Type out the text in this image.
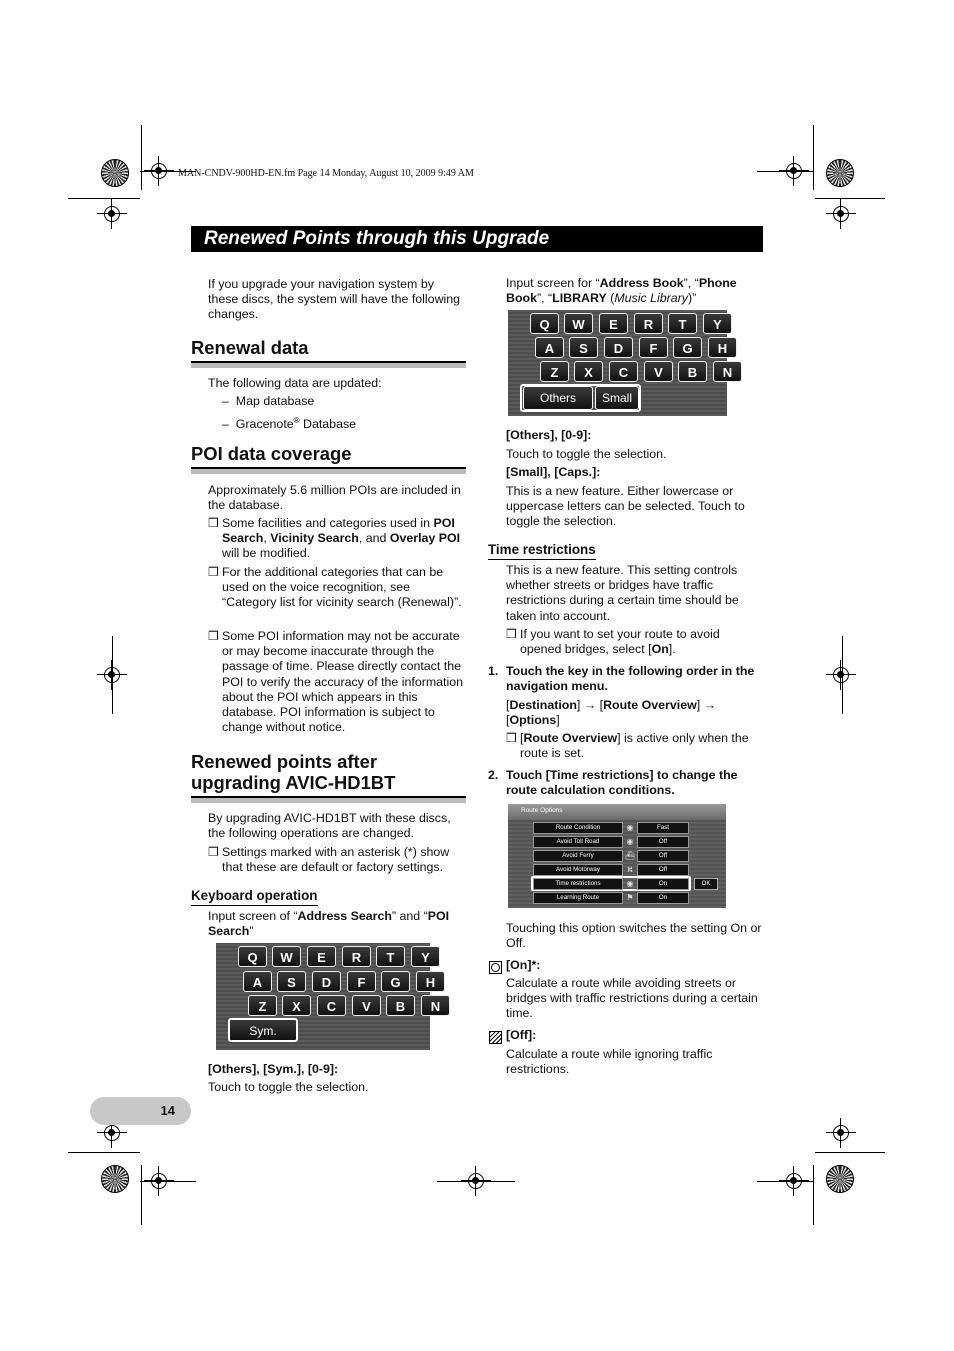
MAN-CNDV-900HD-EN.fm Page 14 Monday, August 10, 2009 9:49 AM
Renewed Points through this Upgrade
If you upgrade your navigation system by these discs, the system will have the following changes.
Renewal data
The following data are updated:
– Map database
– Gracenote® Database
POI data coverage
Approximately 5.6 million POIs are included in the database.
❒ Some facilities and categories used in POI Search, Vicinity Search, and Overlay POI will be modified.
❒ For the additional categories that can be used on the voice recognition, see “Category list for vicinity search (Renewal)”.
❒ Some POI information may not be accurate or may become inaccurate through the passage of time. Please directly contact the POI to verify the accuracy of the information about the POI which appears in this database. POI information is subject to change without notice.
Renewed points after
upgrading AVIC-HD1BT
By upgrading AVIC-HD1BT with these discs, the following operations are changed.
❒ Settings marked with an asterisk (*) show that these are default or factory settings.
Keyboard operation
Input screen of “Address Search” and “POI Search”
Q	W	E	R	T	Y
A	S	D	F	G	H
Z	X	C	V	B	N
Sym.
[Others], [Sym.], [0-9]:
Touch to toggle the selection.
Input screen for “Address Book”, “Phone Book”, “LIBRARY (Music Library)”
Q	W	E	R	T	Y
A	S	D	F	G	H
Z	X	C	V	B	N
Others	Small
[Others], [0-9]:
Touch to toggle the selection.
[Small], [Caps.]:
This is a new feature. Either lowercase or uppercase letters can be selected. Touch to toggle the selection.
Time restrictions
This is a new feature. This setting controls whether streets or bridges have traffic restrictions during a certain time should be taken into account.
❒ If you want to set your route to avoid opened bridges, select [On].
1. Touch the key in the following order in the navigation menu.
[Destination] → [Route Overview] → [Options]
❒ [Route Overview] is active only when the route is set.
2. Touch [Time restrictions] to change the route calculation conditions.
Route Options
Route Condition	◉	Fast
Avoid Toll Road	◉	Off
Avoid Ferry	⛴	Off
Avoid Motorway	⛕	Off
Time restrictions	◉	On
Learning Route	⚑	On
OK
Touching this option switches the setting On or Off.
[On]*:
Calculate a route while avoiding streets or bridges with traffic restrictions during a certain time.
[Off]:
Calculate a route while ignoring traffic restrictions.
14
